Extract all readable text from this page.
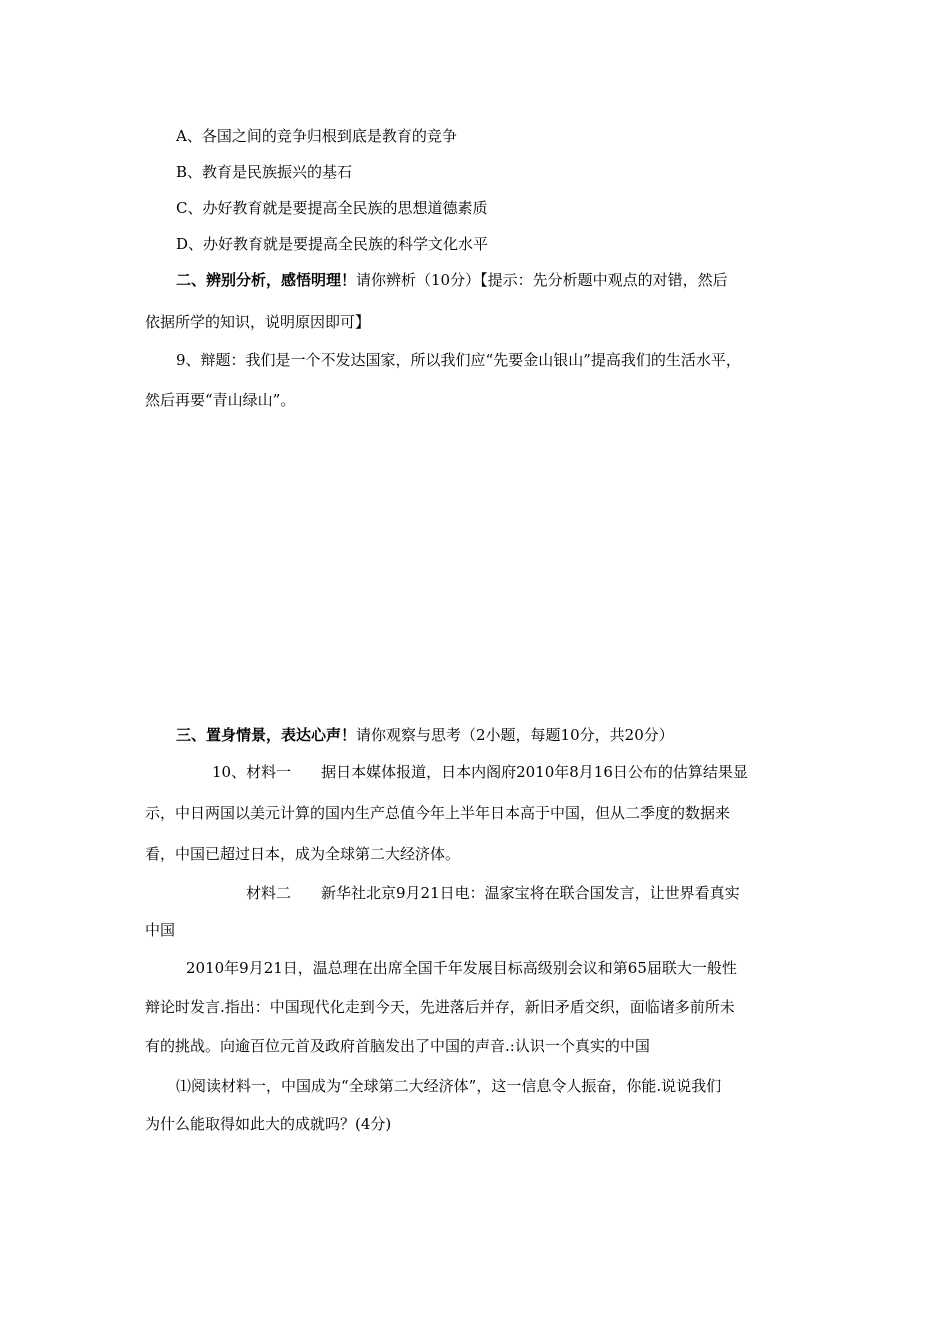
A、各国之间的竞争归根到底是教育的竞争
B、教育是民族振兴的基石
C、办好教育就是要提高全民族的思想道德素质
D、办好教育就是要提高全民族的科学文化水平
二、辨别分析，感悟明理！请你辨析（10分）【提示：先分析题中观点的对错，然后
依据所学的知识，说明原因即可】
9、辩题：我们是一个不发达国家，所以我们应“先要金山银山”提高我们的生活水平，
然后再要“青山绿山”。
三、置身情景，表达心声！请你观察与思考（2小题，每题10分，共20分）
10、材料一　　据日本媒体报道，日本内阁府2010年8月16日公布的估算结果显
示，中日两国以美元计算的国内生产总值今年上半年日本高于中国，但从二季度的数据来
看，中国已超过日本，成为全球第二大经济体。
材料二　　新华社北京9月21日电：温家宝将在联合国发言，让世界看真实
中国
2010年9月21日，温总理在出席全国千年发展目标高级别会议和第65届联大一般性
辩论时发言.指出：中国现代化走到今天，先进落后并存，新旧矛盾交织，面临诸多前所未
有的挑战。向逾百位元首及政府首脑发出了中国的声音.:认识一个真实的中国
⑴阅读材料一，中国成为“全球第二大经济体”，这一信息令人振奋，你能.说说我们
为什么能取得如此大的成就吗？(4分)
